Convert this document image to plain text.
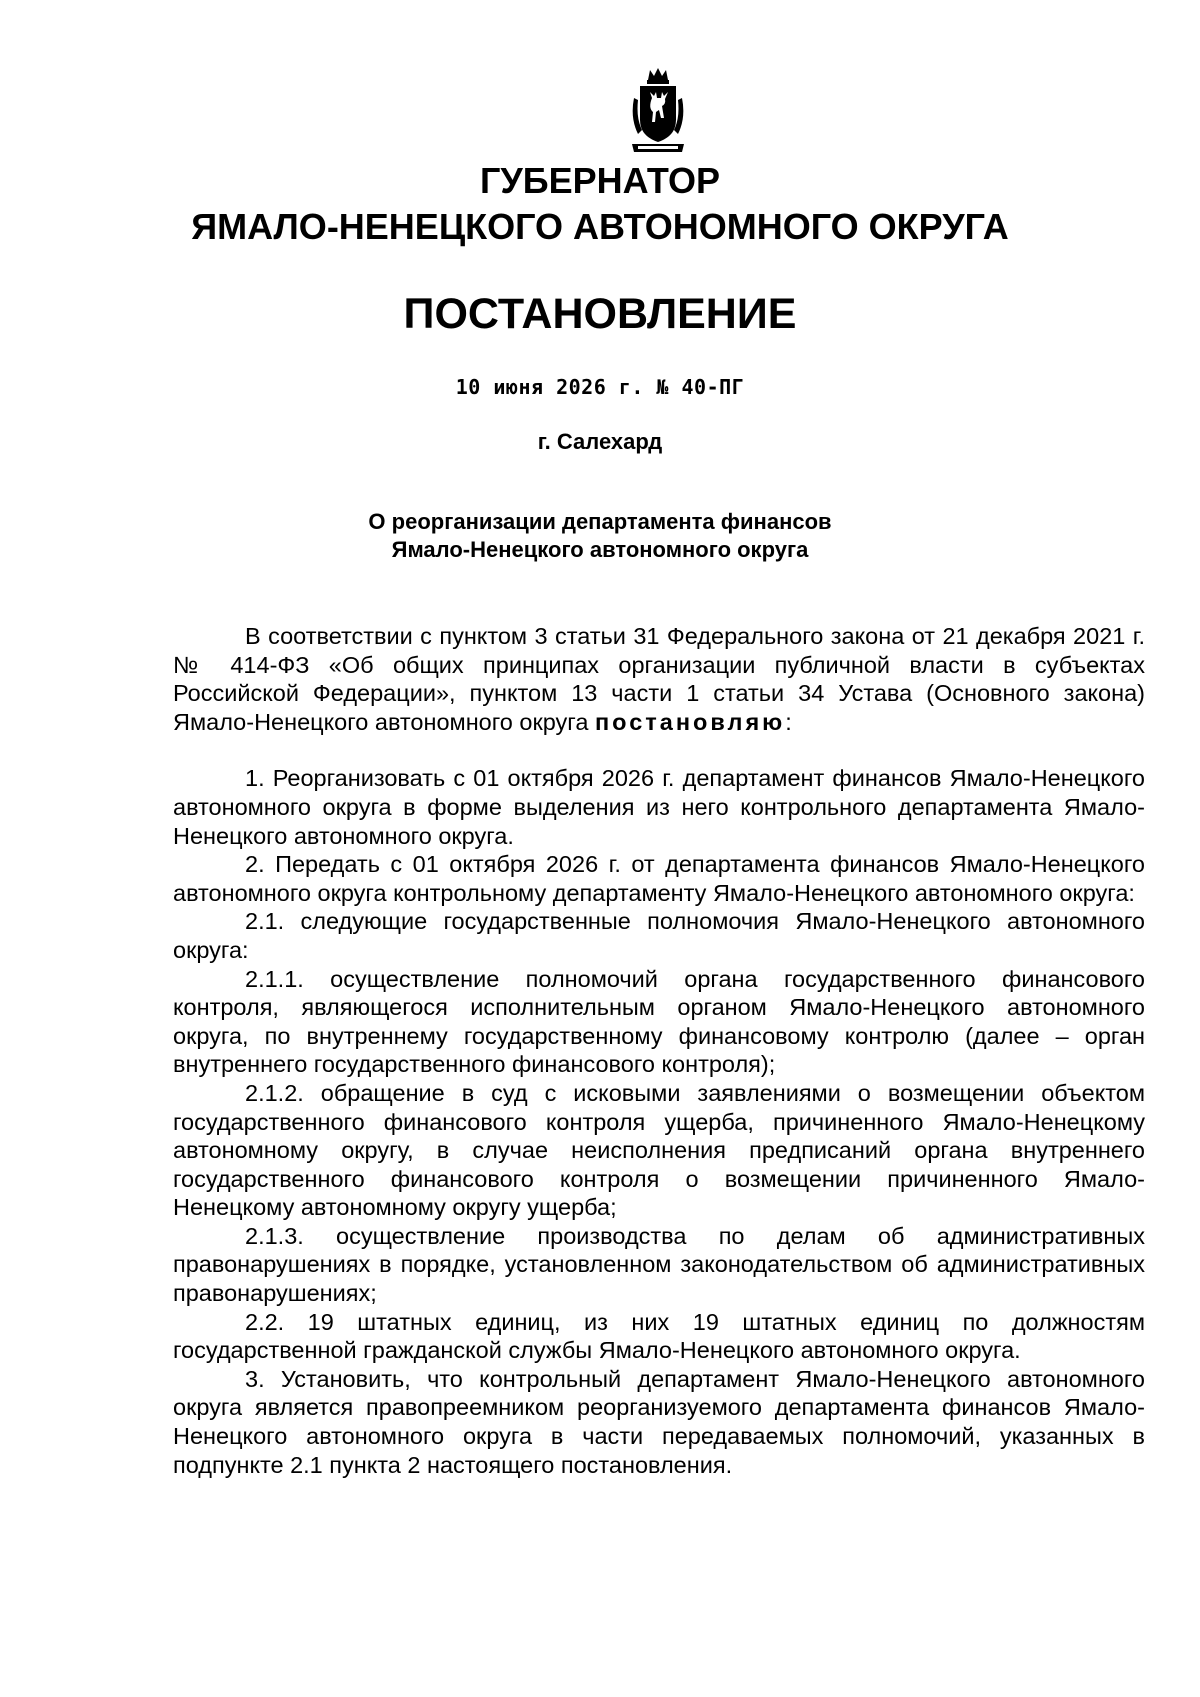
ГУБЕРНАТОР
ЯМАЛО-НЕНЕЦКОГО АВТОНОМНОГО ОКРУГА
ПОСТАНОВЛЕНИЕ
10 июня 2026 г. № 40-ПГ
г. Салехард
О реорганизации департамента финансов
Ямало-Ненецкого автономного округа

В соответствии с пунктом 3 статьи 31 Федерального закона от 21 декабря 2021 г. № 414-ФЗ «Об общих принципах организации публичной власти в субъектах Российской Федерации», пунктом 13 части 1 статьи 34 Устава (Основного закона) Ямало-Ненецкого автономного округа постановляю:

1. Реорганизовать с 01 октября 2026 г. департамент финансов Ямало-Ненецкого автономного округа в форме выделения из него контрольного департамента Ямало-Ненецкого автономного округа.

2. Передать с 01 октября 2026 г. от департамента финансов Ямало-Ненецкого автономного округа контрольному департаменту Ямало-Ненецкого автономного округа:

2.1. следующие государственные полномочия Ямало-Ненецкого автономного округа:

2.1.1. осуществление полномочий органа государственного финансового контроля, являющегося исполнительным органом Ямало-Ненецкого автономного округа, по внутреннему государственному финансовому контролю (далее – орган внутреннего государственного финансового контроля);

2.1.2. обращение в суд с исковыми заявлениями о возмещении объектом государственного финансового контроля ущерба, причиненного Ямало-Ненецкому автономному округу, в случае неисполнения предписаний органа внутреннего государственного финансового контроля о возмещении причиненного Ямало-Ненецкому автономному округу ущерба;

2.1.3. осуществление производства по делам об административных правонарушениях в порядке, установленном законодательством об административных правонарушениях;

2.2. 19 штатных единиц, из них 19 штатных единиц по должностям государственной гражданской службы Ямало-Ненецкого автономного округа.

3. Установить, что контрольный департамент Ямало-Ненецкого автономного округа является правопреемником реорганизуемого департамента финансов Ямало-Ненецкого автономного округа в части передаваемых полномочий, указанных в подпункте 2.1 пункта 2 настоящего постановления.
